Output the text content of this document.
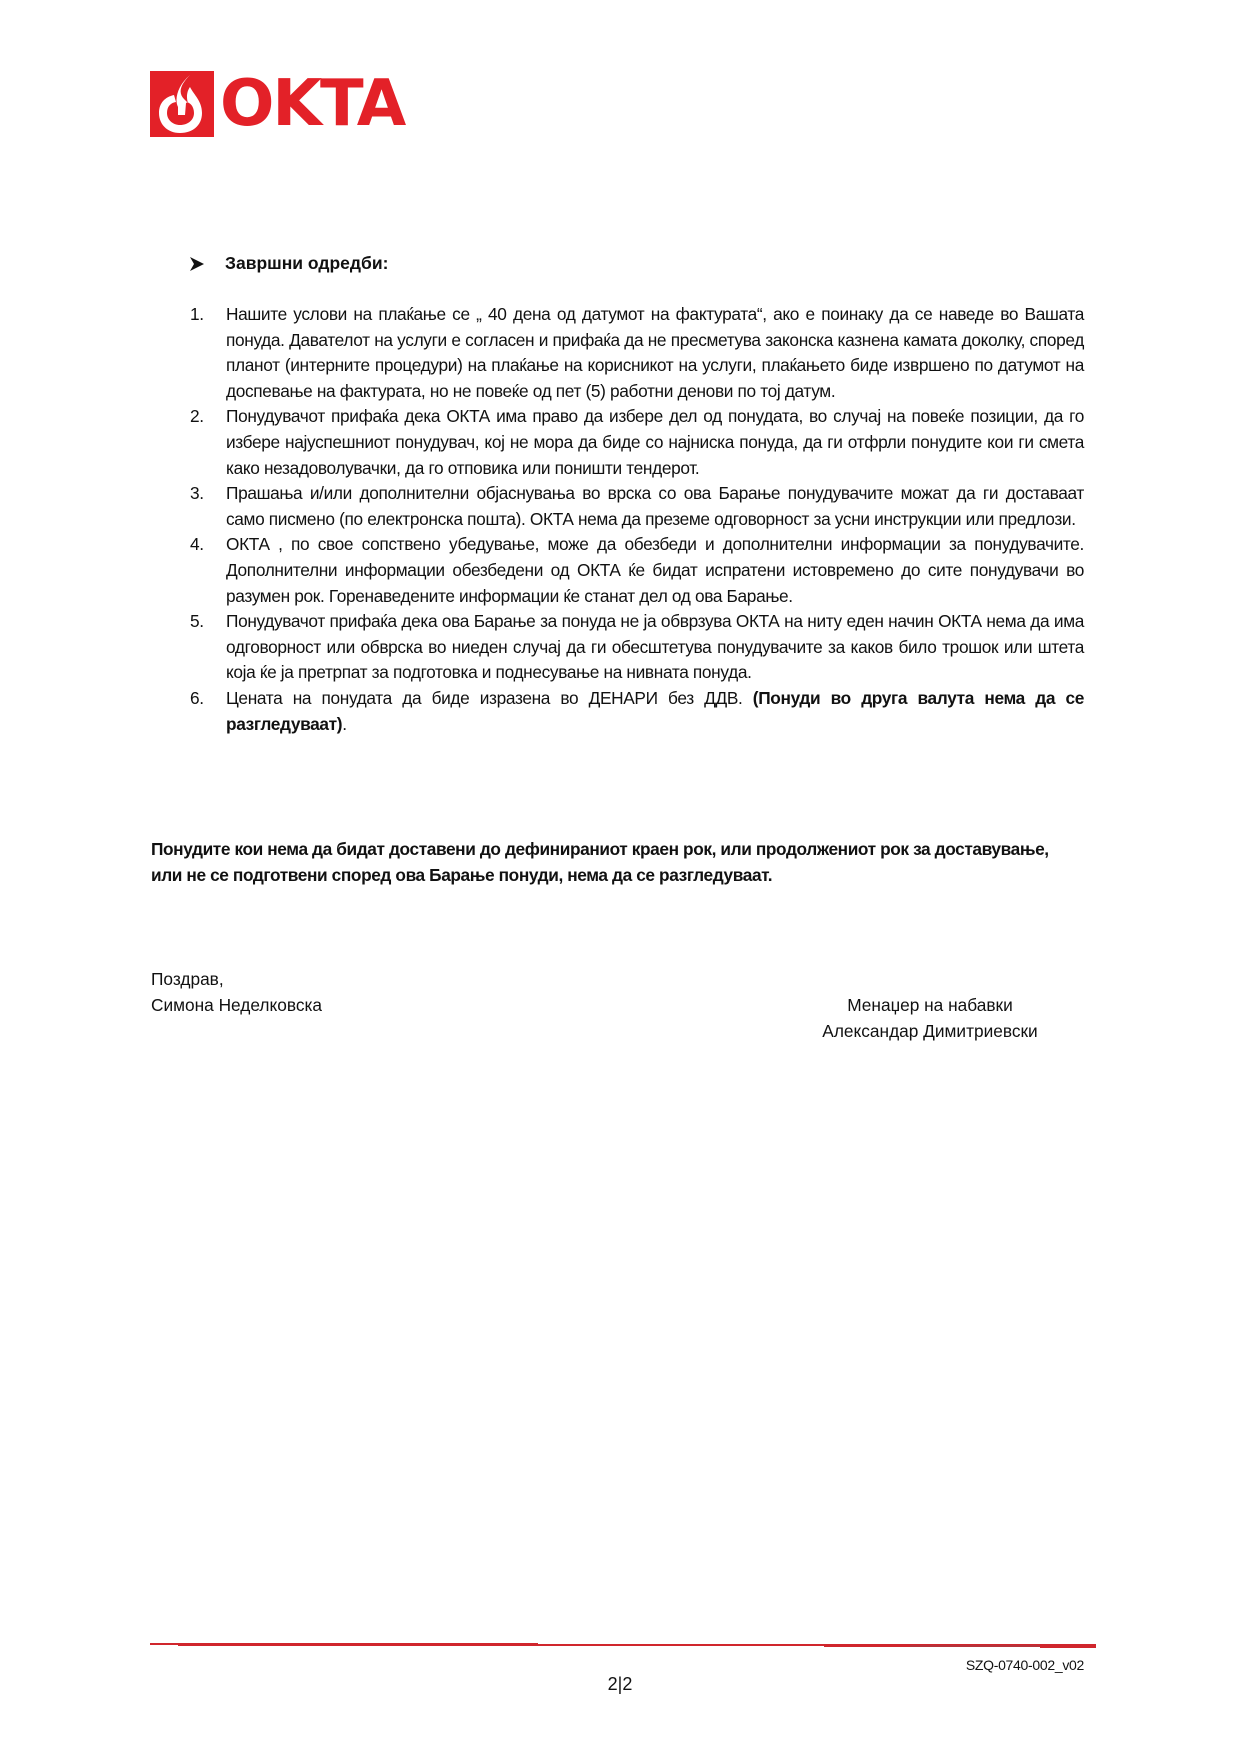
OKTA
Завршни одредби:
1. Нашите услови на плаќање се „ 40 дена од датумот на фактурата“, ако е поинаку да се наведе во Вашата понуда. Давателот на услуги е согласен и прифаќа да не пресметува законска казнена камата доколку, според планот (интерните процедури) на плаќање на корисникот на услуги, плаќањето биде извршено по датумот на доспевање на фактурата, но не повеќе од пет (5) работни денови по тој датум.
2. Понудувачот прифаќа дека ОКТА има право да избере дел од понудата, во случај на повеќе позиции, да го избере најуспешниот понудувач, кој не мора да биде со најниска понуда, да ги отфрли понудите кои ги смета како незадоволувачки, да го отповика или поништи тендерот.
3. Прашања и/или дополнителни објаснувања во врска со ова Барање понудувачите можат да ги доставаат само писмено (по електронска пошта). ОКТА нема да преземе одговорност за усни инструкции или предлози.
4. ОКТА , по свое сопствено убедување, може да обезбеди и дополнителни информации за понудувачите. Дополнителни информации обезбедени од ОКТА ќе бидат испратени истовремено до сите понудувачи во разумен рок. Горенаведените информации ќе станат дел од ова Барање.
5. Понудувачот прифаќа дека ова Барање за понуда не ја обврзува ОКТА на ниту еден начин ОКТА нема да има одговорност или обврска во ниеден случај да ги обесштетува понудувачите за каков било трошок или штета која ќе ја претрпат за подготовка и поднесување на нивната понуда.
6. Цената на понудата да биде изразена во ДЕНАРИ без ДДВ. (Понуди во друга валута нема да се разгледуваат).
Понудите кои нема да бидат доставени до дефинираниот краен рок, или продолжениот рок за доставување, или не се подготвени според ова Барање понуди, нема да се разгледуваат.
Поздрав,
Симона Неделковска	Менаџер на набавки
Александар Димитриевски
SZQ-0740-002_v02
2|2
